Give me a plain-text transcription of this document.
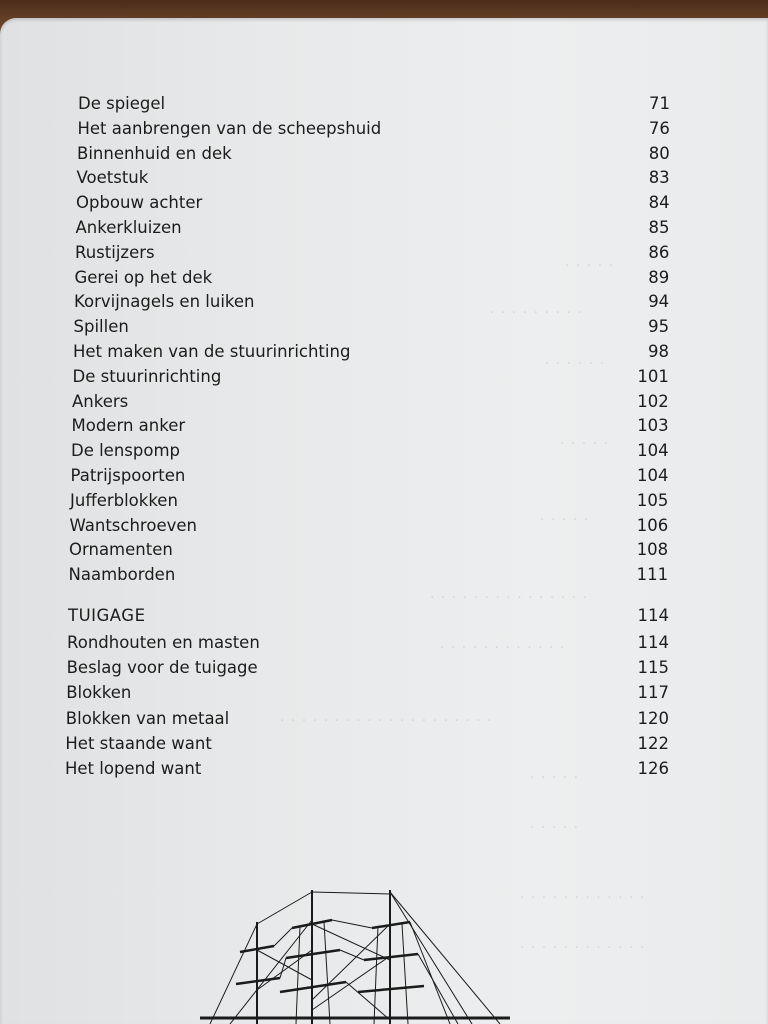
· · · · ·
· · · · · · · · ·
· · · · · ·
· · · · ·
· · · · ·
· · · · · · · · · · · · · · ·
· · · · · · · · · · · ·
· · · · · · · · · · · · · · · · · · · ·
· · · · ·
· · · · ·
· · · · · · · · · · · ·
· · · · · · · · · · · ·
De spiegel	71
Het aanbrengen van de scheepshuid	76
Binnenhuid en dek	80
Voetstuk	83
Opbouw achter	84
Ankerkluizen	85
Rustijzers	86
Gerei op het dek	89
Korvijnagels en luiken	94
Spillen	95
Het maken van de stuurinrichting	98
De stuurinrichting	101
Ankers	102
Modern anker	103
De lenspomp	104
Patrijspoorten	104
Jufferblokken	105
Wantschroeven	106
Ornamenten	108
Naamborden	111
TUIGAGE	114
Rondhouten en masten	114
Beslag voor de tuigage	115
Blokken	117
Blokken van metaal	120
Het staande want	122
Het lopend want	126
